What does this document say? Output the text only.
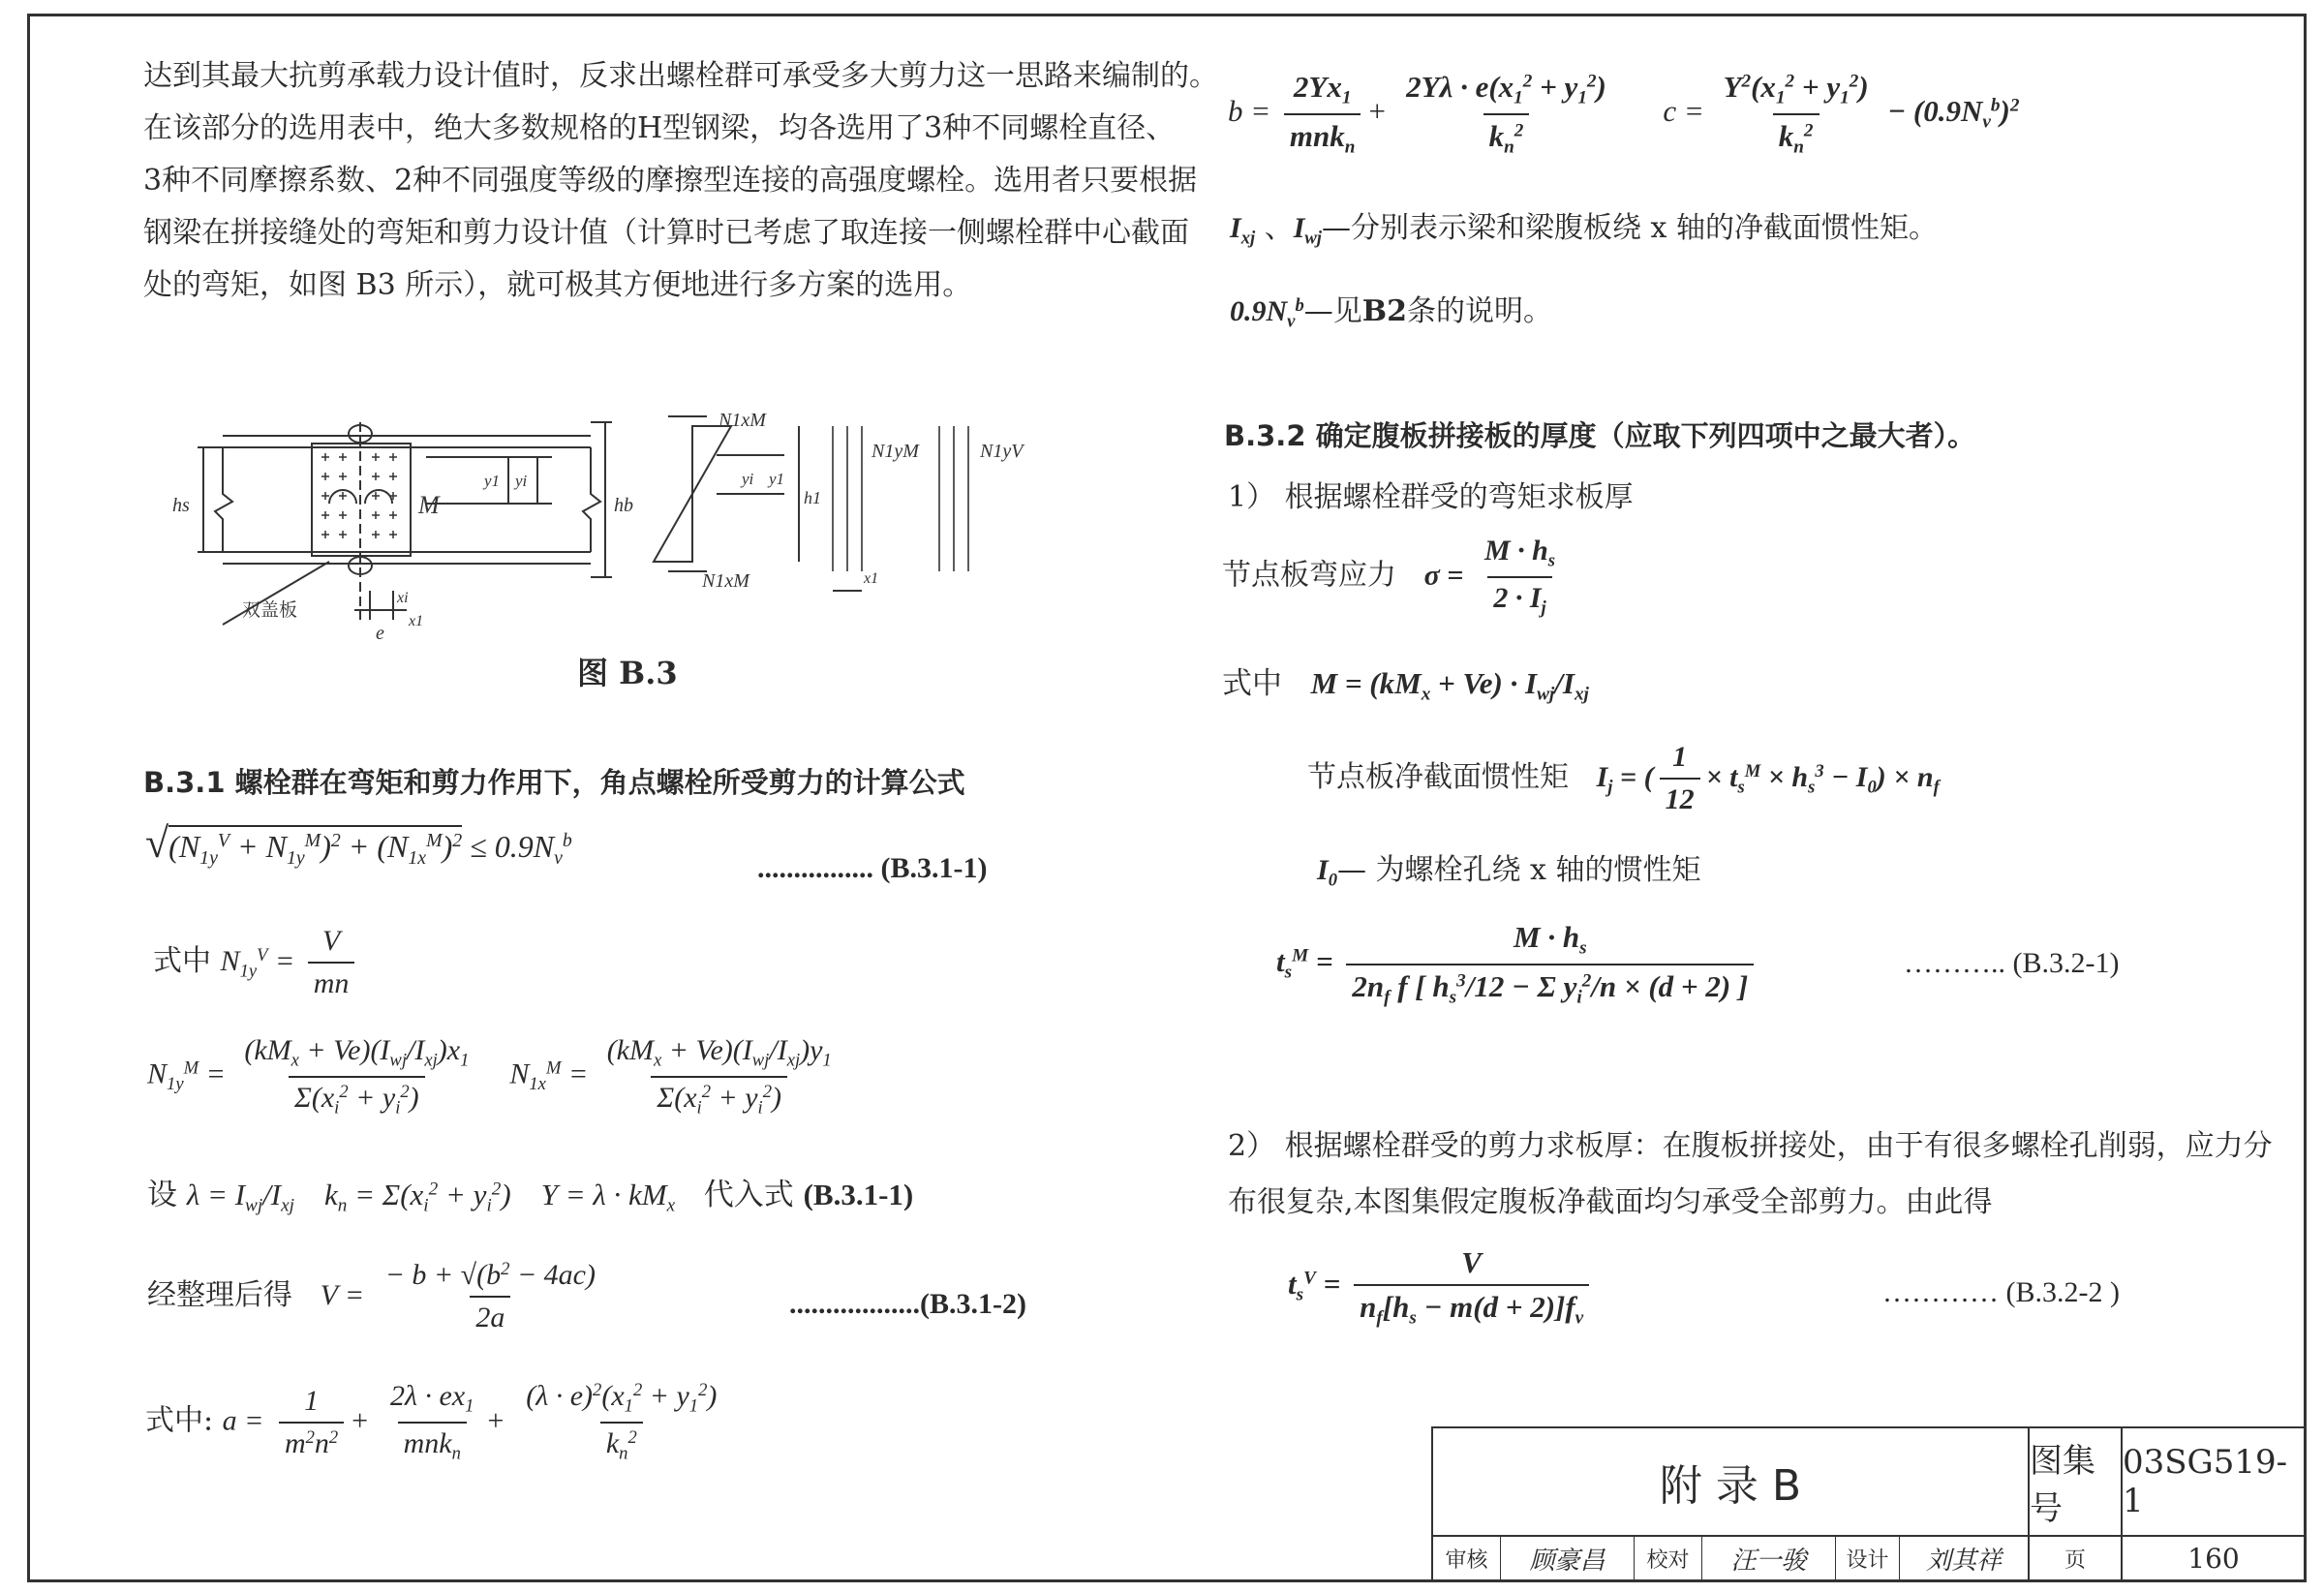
达到其最大抗剪承载力设计值时，反求出螺栓群可承受多大剪力这一思路来编制的。
在该部分的选用表中，绝大多数规格的H型钢梁，均各选用了3种不同螺栓直径、
3种不同摩擦系数、2种不同强度等级的摩擦型连接的高强度螺栓。选用者只要根据
钢梁在拼接缝处的弯矩和剪力设计值（计算时已考虑了取连接一侧螺栓群中心截面
处的弯矩，如图 B3 所示），就可极其方便地进行多方案的选用。
hs	hb
M
e
y1 yi
xi
x1
yi y1
h1
N1xM
N1xM
N1yM	N1yV
x1
双盖板
图 B.3
B.3.1 螺栓群在弯矩和剪力作用下，角点螺栓所受剪力的计算公式
$√(N_{1y}^V + N_{1y}^M)^2 + (N_{1x}^M)^2 \le 0.9N_v^b$
................ (B.3.1-1)
式中 $N_{1y}^V = \frac{V}{mn}$
$N_{1y}^M = \frac{(kM_x + Ve)(I_{wj}/I_{xj})x_1}{\Sigma(x_i^2 + y_i^2)} N_{1x}^M = \frac{(kM_x + Ve)(I_{wj}/I_{xj})y_1}{\Sigma(x_i^2 + y_i^2)}$
设 $\lambda = I_{wj}/I_{xj}$    $k_n = \Sigma(x_i^2 + y_i^2)$    $Y = \lambda \cdot kM_x$ 代入式 (B.3.1-1)
经整理后得 $V = \frac{- b + √(b^2 - 4ac)}{2a}$	..................(B.3.1-2)
式中: $a = \frac{1}{m^2n^2} + \frac{2\lambda \cdot ex_1}{mnk_n} + \frac{(\lambda \cdot e)^2(x_1^2 + y_1^2)}{k_n^2}$
$b = \frac{2Yx_1}{mnk_n} + \frac{2Y\lambda \cdot e(x_1^2 + y_1^2)}{k_n^2}$ $c = \frac{Y^2(x_1^2 + y_1^2)}{k_n^2} - (0.9N_v^b)^2$
$I_{xj}$ 、$I_{wj}—$分别表示梁和梁腹板绕 x 轴的净截面惯性矩。
$0.9N_v^b—$见B2条的说明。
B.3.2 确定腹板拼接板的厚度（应取下列四项中之最大者）。
1） 根据螺栓群受的弯矩求板厚
节点板弯应力 $\sigma = \frac{M \cdot h_s}{2 \cdot I_j}$
式中 $M = (kM_x + Ve) \cdot I_{wj}/I_{xj}$
节点板净截面惯性矩 $I_j$ = ( $\frac{1}{12} \times t_s^M \times h_s^3 - I_0) \times n_f$
$I_0—$ 为螺栓孔绕 x 轴的惯性矩
$t_s^M = \frac{M \cdot h_s}{2n_f f [ h_s^3/12 - \Sigma y_i^2/n \times (d + 2) ]}$	……….. (B.3.2-1)
2） 根据螺栓群受的剪力求板厚：在腹板拼接处，由于有很多螺栓孔削弱，应力分
布很复杂,本图集假定腹板净截面均匀承受全部剪力。由此得
$t_s^V = \frac{V}{n_f[h_s - m(d + 2)]f_v}$	………… (B.3.2-2 )
附 录 B	图集号
03SG519-1
审核	顾豪昌	校对	汪一骏	设计	刘其祥	页	160
